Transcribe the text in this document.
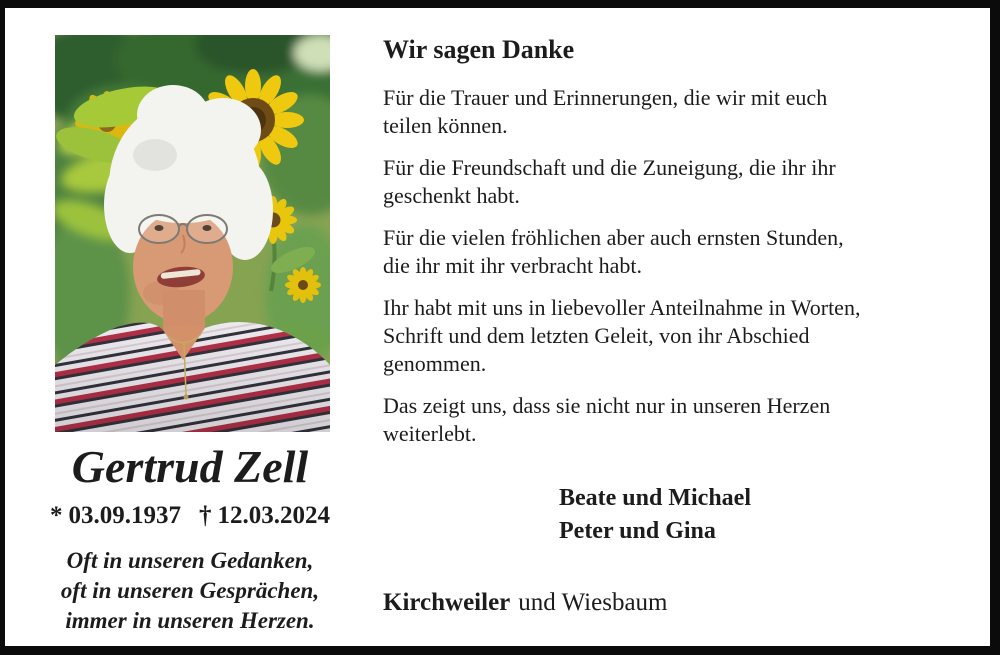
Gertrud Zell
* 03.09.1937 † 12.03.2024
Oft in unseren Gedanken,
oft in unseren Gesprächen,
immer in unseren Herzen.
Wir sagen Danke

Für die Trauer und Erinnerungen, die wir mit euch
teilen können.

Für die Freundschaft und die Zuneigung, die ihr ihr
geschenkt habt.

Für die vielen fröhlichen aber auch ernsten Stunden,
die ihr mit ihr verbracht habt.

Ihr habt mit uns in liebevoller Anteilnahme in Worten,
Schrift und dem letzten Geleit, von ihr Abschied
genommen.

Das zeigt uns, dass sie nicht nur in unseren Herzen
weiterlebt.

Beate und Michael
Peter und Gina
Kirchweiler und Wiesbaum
